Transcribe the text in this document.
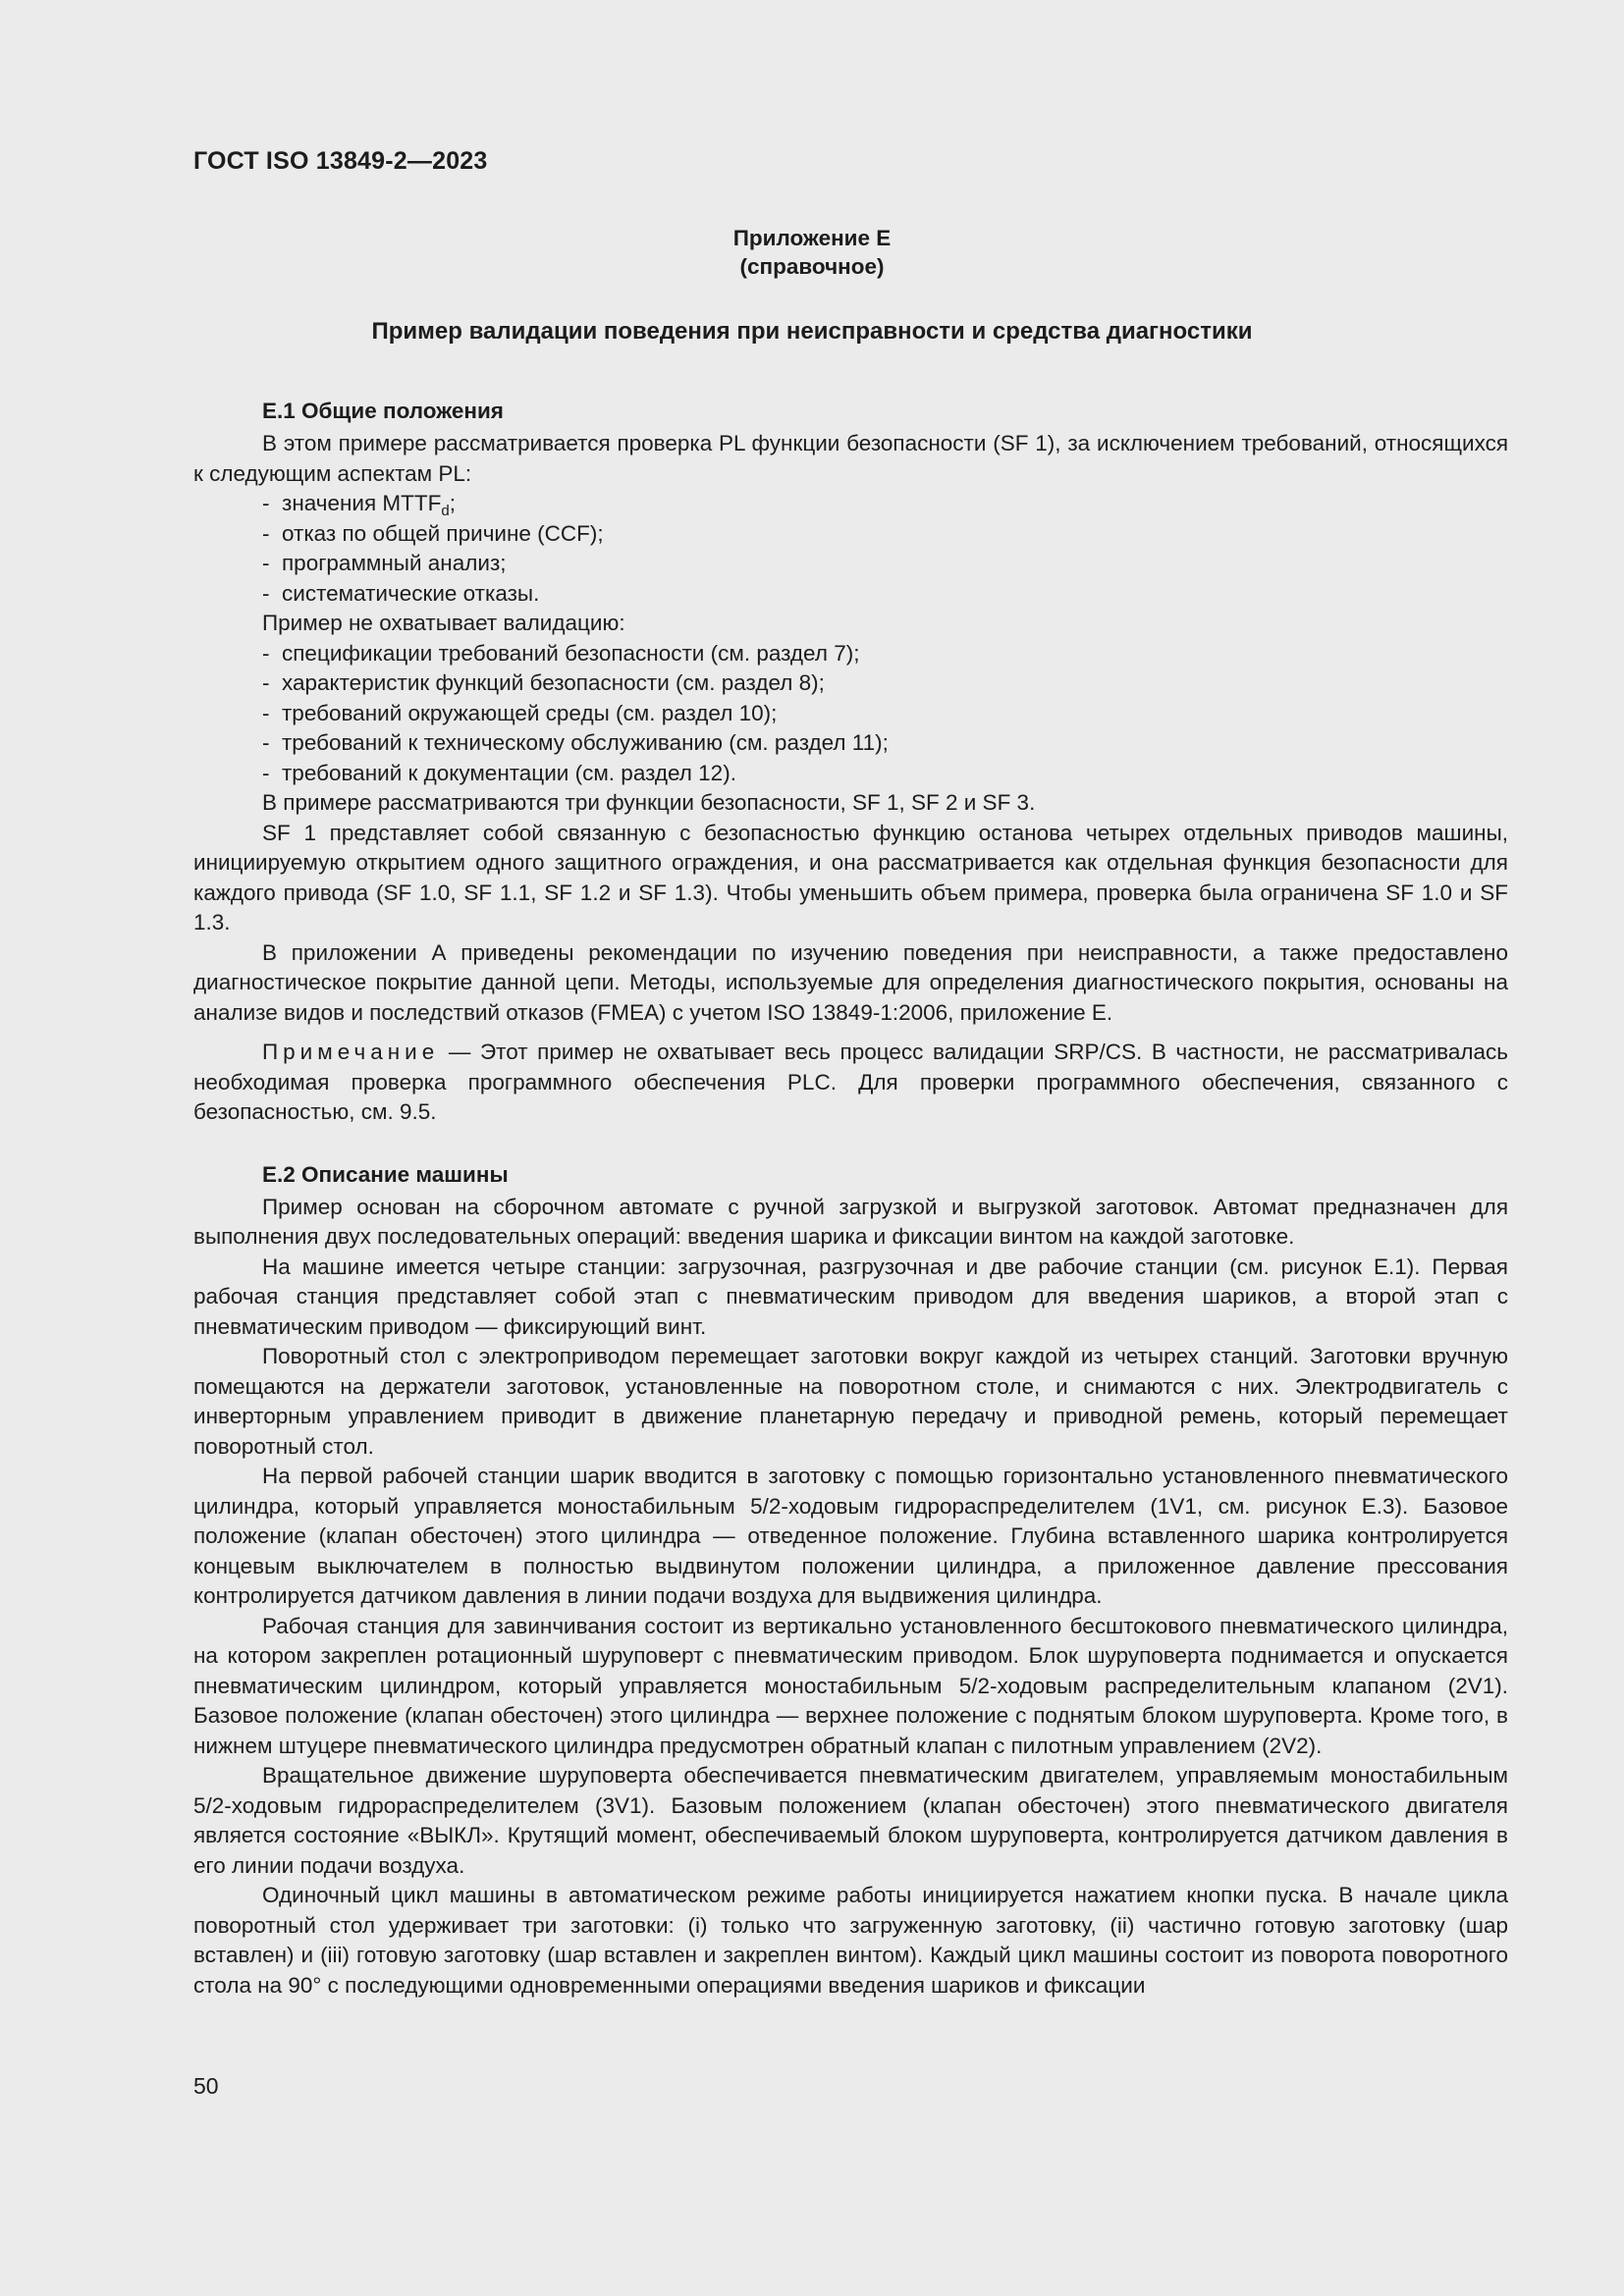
ГОСТ ISO 13849-2—2023
Приложение Е
(справочное)
Пример валидации поведения при неисправности и средства диагностики
Е.1 Общие положения

В этом примере рассматривается проверка PL функции безопасности (SF 1), за исключением требований, относящихся к следующим аспектам PL:

- значения $MTTF_d$;
- отказ по общей причине (CCF);
- программный анализ;
- систематические отказы.

Пример не охватывает валидацию:

- спецификации требований безопасности (см. раздел 7);
- характеристик функций безопасности (см. раздел 8);
- требований окружающей среды (см. раздел 10);
- требований к техническому обслуживанию (см. раздел 11);
- требований к документации (см. раздел 12).

В примере рассматриваются три функции безопасности, SF 1, SF 2 и SF 3.

SF 1 представляет собой связанную с безопасностью функцию останова четырех отдельных приводов машины, инициируемую открытием одного защитного ограждения, и она рассматривается как отдельная функция безопасности для каждого привода (SF 1.0, SF 1.1, SF 1.2 и SF 1.3). Чтобы уменьшить объем примера, проверка была ограничена SF 1.0 и SF 1.3.

В приложении А приведены рекомендации по изучению поведения при неисправности, а также предоставлено диагностическое покрытие данной цепи. Методы, используемые для определения диагностического покрытия, основаны на анализе видов и последствий отказов (FMEA) с учетом ISO 13849-1:2006, приложение Е.

Примечание — Этот пример не охватывает весь процесс валидации SRP/CS. В частности, не рассматривалась необходимая проверка программного обеспечения PLC. Для проверки программного обеспечения, связанного с безопасностью, см. 9.5.

Е.2 Описание машины

Пример основан на сборочном автомате с ручной загрузкой и выгрузкой заготовок. Автомат предназначен для выполнения двух последовательных операций: введения шарика и фиксации винтом на каждой заготовке.

На машине имеется четыре станции: загрузочная, разгрузочная и две рабочие станции (см. рисунок Е.1). Первая рабочая станция представляет собой этап с пневматическим приводом для введения шариков, а второй этап с пневматическим приводом — фиксирующий винт.

Поворотный стол с электроприводом перемещает заготовки вокруг каждой из четырех станций. Заготовки вручную помещаются на держатели заготовок, установленные на поворотном столе, и снимаются с них. Электродвигатель с инверторным управлением приводит в движение планетарную передачу и приводной ремень, который перемещает поворотный стол.

На первой рабочей станции шарик вводится в заготовку с помощью горизонтально установленного пневматического цилиндра, который управляется моностабильным 5/2-ходовым гидрораспределителем (1V1, см. рисунок Е.3). Базовое положение (клапан обесточен) этого цилиндра — отведенное положение. Глубина вставленного шарика контролируется концевым выключателем в полностью выдвинутом положении цилиндра, а приложенное давление прессования контролируется датчиком давления в линии подачи воздуха для выдвижения цилиндра.

Рабочая станция для завинчивания состоит из вертикально установленного бесштокового пневматического цилиндра, на котором закреплен ротационный шуруповерт с пневматическим приводом. Блок шуруповерта поднимается и опускается пневматическим цилиндром, который управляется моностабильным 5/2-ходовым распределительным клапаном (2V1). Базовое положение (клапан обесточен) этого цилиндра — верхнее положение с поднятым блоком шуруповерта. Кроме того, в нижнем штуцере пневматического цилиндра предусмотрен обратный клапан с пилотным управлением (2V2).

Вращательное движение шуруповерта обеспечивается пневматическим двигателем, управляемым моностабильным 5/2-ходовым гидрораспределителем (3V1). Базовым положением (клапан обесточен) этого пневматического двигателя является состояние «ВЫКЛ». Крутящий момент, обеспечиваемый блоком шуруповерта, контролируется датчиком давления в его линии подачи воздуха.

Одиночный цикл машины в автоматическом режиме работы инициируется нажатием кнопки пуска. В начале цикла поворотный стол удерживает три заготовки: (i) только что загруженную заготовку, (ii) частично готовую заготовку (шар вставлен) и (iii) готовую заготовку (шар вставлен и закреплен винтом). Каждый цикл машины состоит из поворота поворотного стола на 90° с последующими одновременными операциями введения шариков и фиксации

50
